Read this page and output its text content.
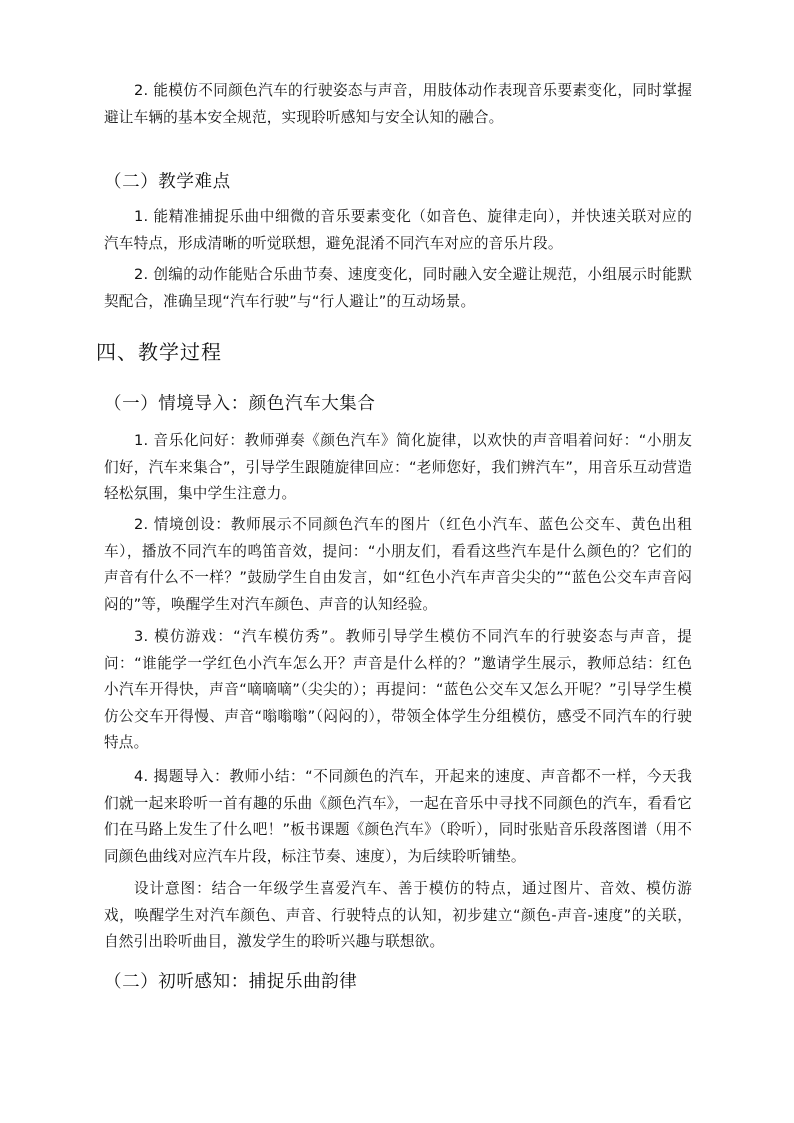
2. 能模仿不同颜色汽车的行驶姿态与声音，用肢体动作表现音乐要素变化，同时掌握避让车辆的基本安全规范，实现聆听感知与安全认知的融合。

（二）教学难点

1. 能精准捕捉乐曲中细微的音乐要素变化（如音色、旋律走向），并快速关联对应的汽车特点，形成清晰的听觉联想，避免混淆不同汽车对应的音乐片段。

2. 创编的动作能贴合乐曲节奏、速度变化，同时融入安全避让规范，小组展示时能默契配合，准确呈现“汽车行驶”与“行人避让”的互动场景。

四、教学过程
（一）情境导入：颜色汽车大集合

1. 音乐化问好：教师弹奏《颜色汽车》简化旋律，以欢快的声音唱着问好：“小朋友们好，汽车来集合”，引导学生跟随旋律回应：“老师您好，我们辨汽车”，用音乐互动营造轻松氛围，集中学生注意力。

2. 情境创设：教师展示不同颜色汽车的图片（红色小汽车、蓝色公交车、黄色出租车），播放不同汽车的鸣笛音效，提问：“小朋友们，看看这些汽车是什么颜色的？它们的声音有什么不一样？”鼓励学生自由发言，如“红色小汽车声音尖尖的”“蓝色公交车声音闷闷的”等，唤醒学生对汽车颜色、声音的认知经验。

3. 模仿游戏：“汽车模仿秀”。教师引导学生模仿不同汽车的行驶姿态与声音，提问：“谁能学一学红色小汽车怎么开？声音是什么样的？”邀请学生展示，教师总结：红色小汽车开得快，声音“嘀嘀嘀”（尖尖的）；再提问：“蓝色公交车又怎么开呢？”引导学生模仿公交车开得慢、声音“嗡嗡嗡”（闷闷的），带领全体学生分组模仿，感受不同汽车的行驶特点。

4. 揭题导入：教师小结：“不同颜色的汽车，开起来的速度、声音都不一样，今天我们就一起来聆听一首有趣的乐曲《颜色汽车》，一起在音乐中寻找不同颜色的汽车，看看它们在马路上发生了什么吧！”板书课题《颜色汽车》（聆听），同时张贴音乐段落图谱（用不同颜色曲线对应汽车片段，标注节奏、速度），为后续聆听铺垫。

设计意图：结合一年级学生喜爱汽车、善于模仿的特点，通过图片、音效、模仿游戏，唤醒学生对汽车颜色、声音、行驶特点的认知，初步建立“颜色-声音-速度”的关联，自然引出聆听曲目，激发学生的聆听兴趣与联想欲。

（二）初听感知：捕捉乐曲韵律
